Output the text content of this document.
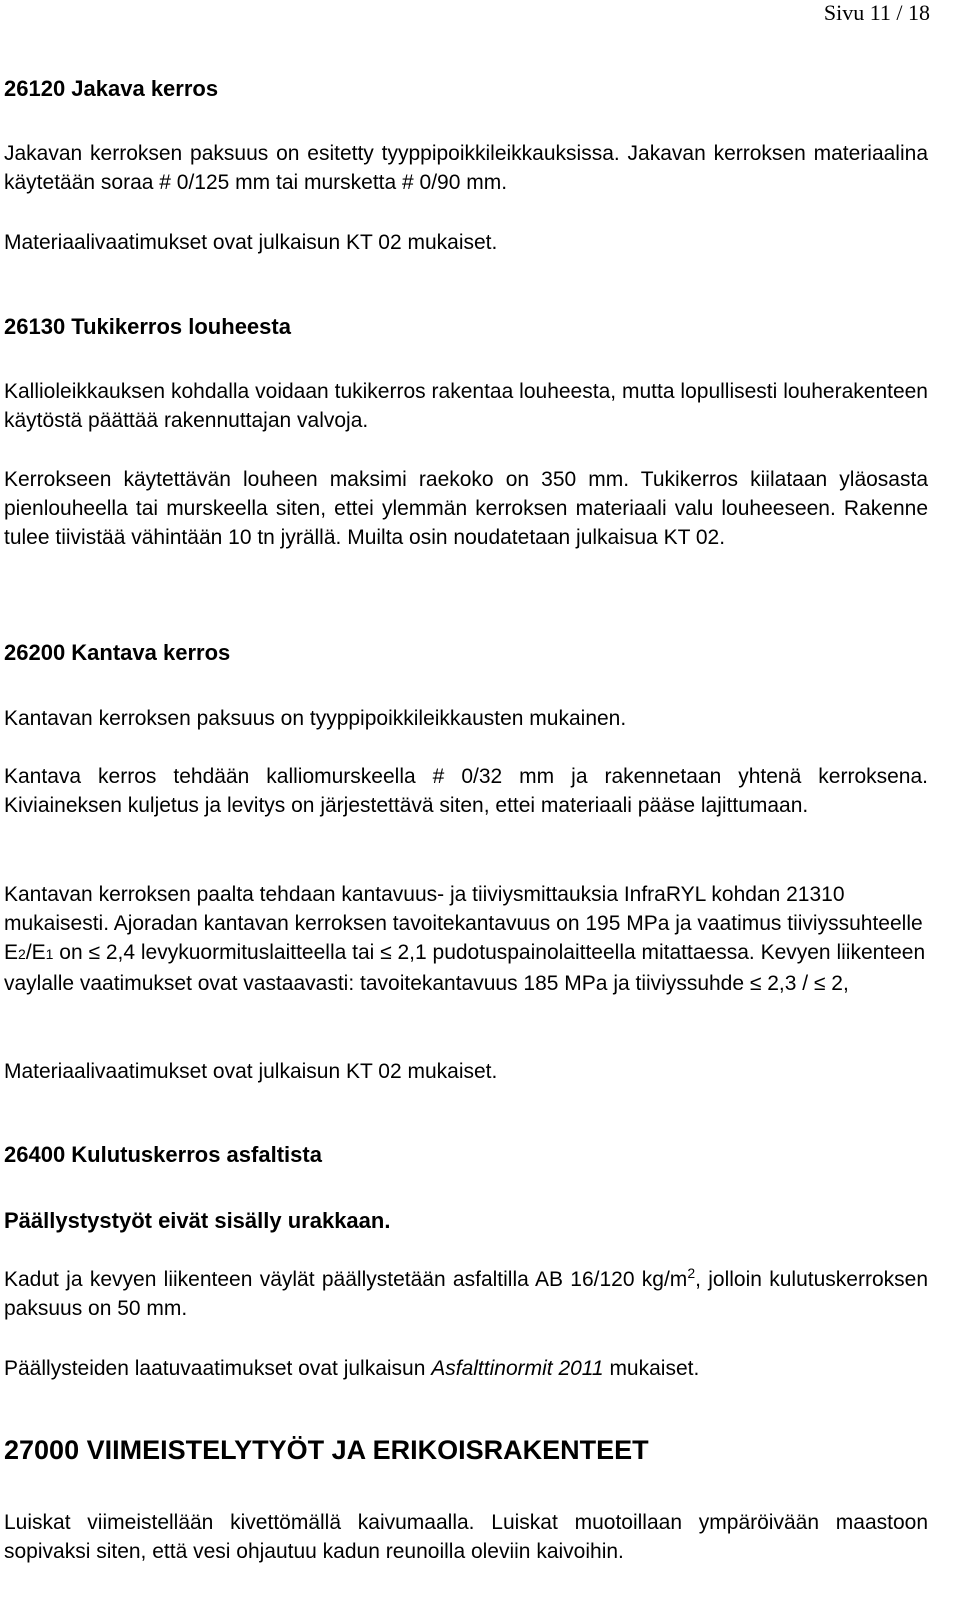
Sivu 11 / 18
26120 Jakava kerros
Jakavan kerroksen paksuus on esitetty tyyppipoikkileikkauksissa. Jakavan kerroksen materiaalina käytetään soraa # 0/125 mm tai mursketta # 0/90 mm.
Materiaalivaatimukset ovat julkaisun KT 02 mukaiset.
26130 Tukikerros louheesta
Kallioleikkauksen kohdalla voidaan tukikerros rakentaa louheesta, mutta lopullisesti louherakenteen käytöstä päättää rakennuttajan valvoja.
Kerrokseen käytettävän louheen maksimi raekoko on 350 mm. Tukikerros kiilataan yläosasta pienlouheella tai murskeella siten, ettei ylemmän kerroksen materiaali valu louheeseen. Rakenne tulee tiivistää vähintään 10 tn jyrällä. Muilta osin noudatetaan julkaisua KT 02.
26200 Kantava kerros
Kantavan kerroksen paksuus on tyyppipoikkileikkausten mukainen.
Kantava kerros tehdään kalliomurskeella # 0/32 mm ja rakennetaan yhtenä kerroksena. Kiviaineksen kuljetus ja levitys on järjestettävä siten, ettei materiaali pääse lajittumaan.
Kantavan kerroksen paalta tehdaan kantavuus- ja tiiviysmittauksia InfraRYL kohdan 21310 mukaisesti. Ajoradan kantavan kerroksen tavoitekantavuus on 195 MPa ja vaatimus tiiviyssuhteelle E2/E1 on ≤ 2,4 levykuormituslaitteella tai ≤ 2,1 pudotuspainolaitteella mitattaessa. Kevyen liikenteen vaylalle vaatimukset ovat vastaavasti: tavoitekantavuus 185 MPa ja tiiviyssuhde ≤ 2,3 / ≤ 2,
Materiaalivaatimukset ovat julkaisun KT 02 mukaiset.
26400 Kulutuskerros asfaltista
Päällystystyöt eivät sisälly urakkaan.
Kadut ja kevyen liikenteen väylät päällystetään asfaltilla AB 16/120 $kg/m^2$, jolloin kulutuskerroksen paksuus on 50 mm.
Päällysteiden laatuvaatimukset ovat julkaisun Asfalttinormit 2011 mukaiset.
27000 VIIMEISTELYTYÖT JA ERIKOISRAKENTEET
Luiskat viimeistellään kivettömällä kaivumaalla. Luiskat muotoillaan ympäröivään maastoon sopivaksi siten, että vesi ohjautuu kadun reunoilla oleviin kaivoihin.
